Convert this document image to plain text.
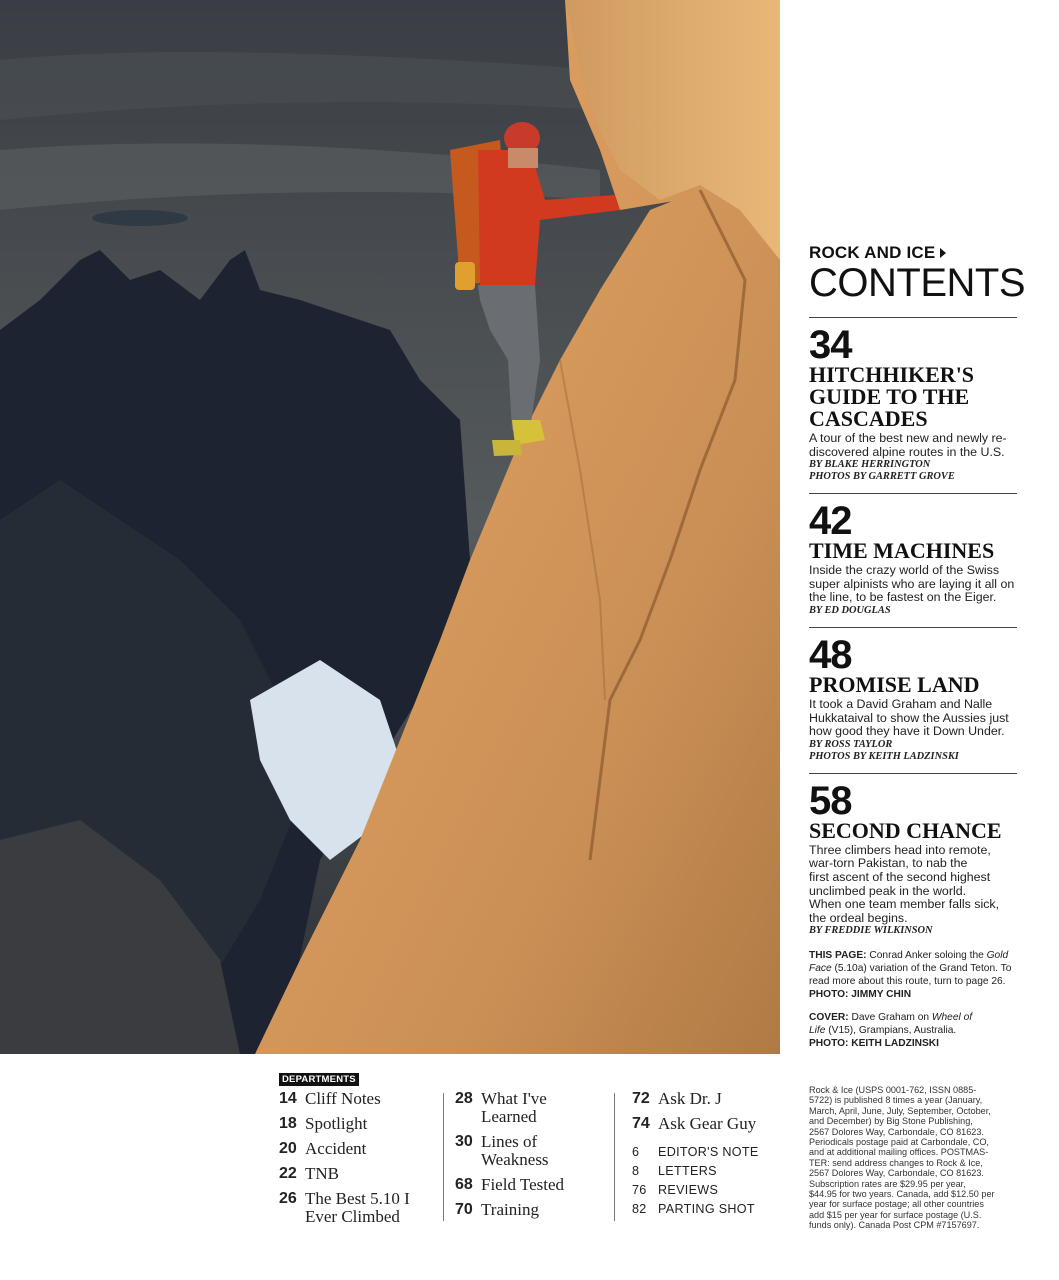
ROCK AND ICE
CONTENTS
34
HITCHHIKER'S
GUIDE TO THE
CASCADES
A tour of the best new and newly re-
discovered alpine routes in the U.S.
BY BLAKE HERRINGTON
PHOTOS BY GARRETT GROVE
42
TIME MACHINES
Inside the crazy world of the Swiss
super alpinists who are laying it all on
the line, to be fastest on the Eiger.
BY ED DOUGLAS
48
PROMISE LAND
It took a David Graham and Nalle
Hukkataival to show the Aussies just
how good they have it Down Under.
BY ROSS TAYLOR
PHOTOS BY KEITH LADZINSKI
58
SECOND CHANCE
Three climbers head into remote,
war-torn Pakistan, to nab the
first ascent of the second highest
unclimbed peak in the world.
When one team member falls sick,
the ordeal begins.
BY FREDDIE WILKINSON
THIS PAGE: Conrad Anker soloing the Gold Face (5.10a) variation of the Grand Teton. To read more about this route, turn to page 26.
PHOTO: JIMMY CHIN
COVER: Dave Graham on Wheel of Life (V15), Grampians, Australia.
PHOTO: KEITH LADZINSKI
DEPARTMENTS
14 Cliff Notes
18 Spotlight
20 Accident
22 TNB
26 The Best 5.10 I
Ever Climbed
28 What I've
Learned
30 Lines of
Weakness
68 Field Tested
70 Training
72 Ask Dr. J
74 Ask Gear Guy
6	EDITOR'S NOTE
8	LETTERS
76 REVIEWS
82 PARTING SHOT
Rock & Ice (USPS 0001-762, ISSN 0885-
5722) is published 8 times a year (January,
March, April, June, July, September, October,
and December) by Big Stone Publishing,
2567 Dolores Way, Carbondale, CO 81623.
Periodicals postage paid at Carbondale, CO,
and at additional mailing offices. POSTMAS-
TER: send address changes to Rock & Ice,
2567 Dolores Way, Carbondale, CO 81623.
Subscription rates are $29.95 per year,
$44.95 for two years. Canada, add $12.50 per
year for surface postage; all other countries
add $15 per year for surface postage (U.S.
funds only). Canada Post CPM #7157697.
